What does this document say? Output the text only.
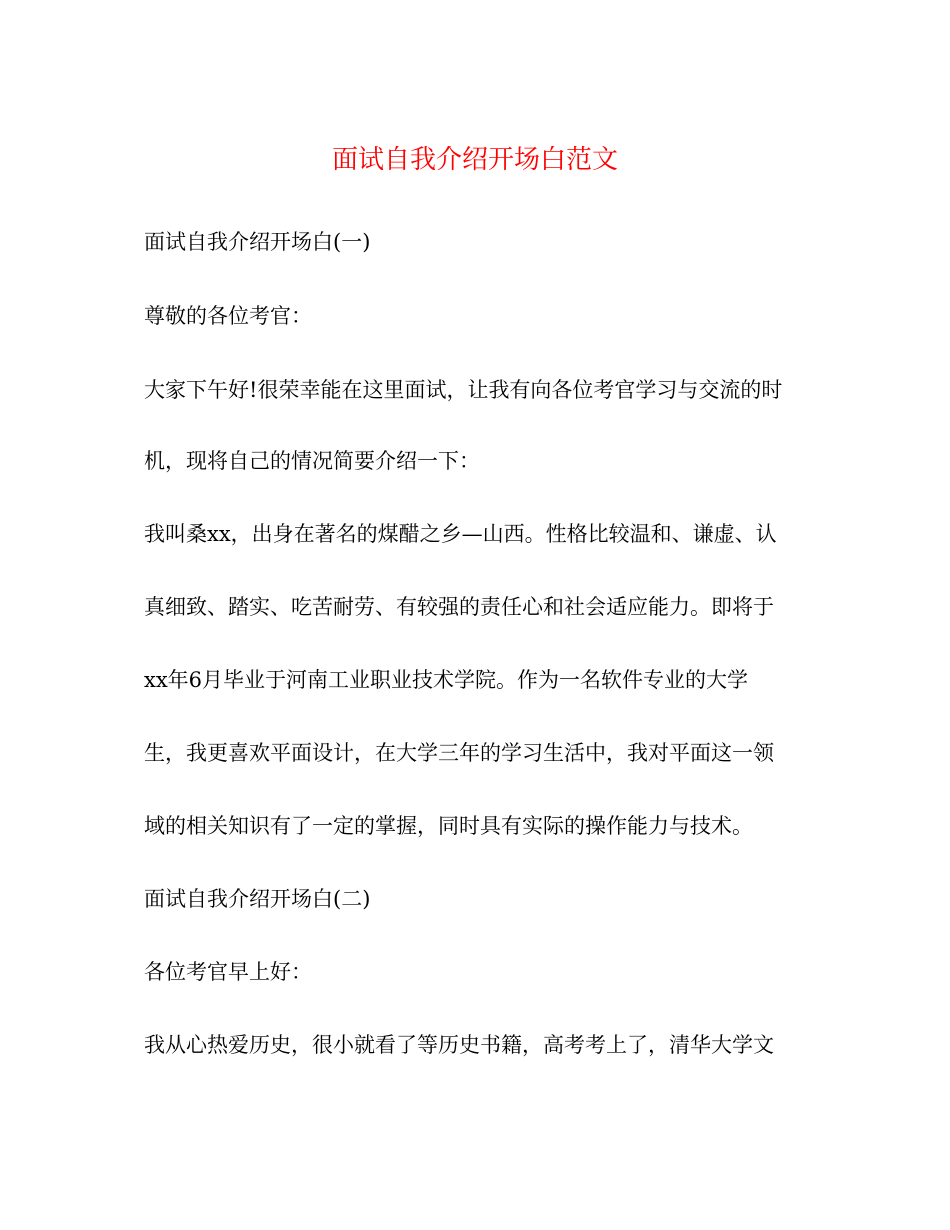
面试自我介绍开场白范文
面试自我介绍开场白(一)
尊敬的各位考官：
大家下午好!很荣幸能在这里面试，让我有向各位考官学习与交流的时
机，现将自己的情况简要介绍一下：
我叫桑xx，出身在著名的煤醋之乡—山西。性格比较温和、谦虚、认
真细致、踏实、吃苦耐劳、有较强的责任心和社会适应能力。即将于
xx年6月毕业于河南工业职业技术学院。作为一名软件专业的大学
生，我更喜欢平面设计，在大学三年的学习生活中，我对平面这一领
域的相关知识有了一定的掌握，同时具有实际的操作能力与技术。
面试自我介绍开场白(二)
各位考官早上好：
我从心热爱历史，很小就看了等历史书籍，高考考上了，清华大学文
